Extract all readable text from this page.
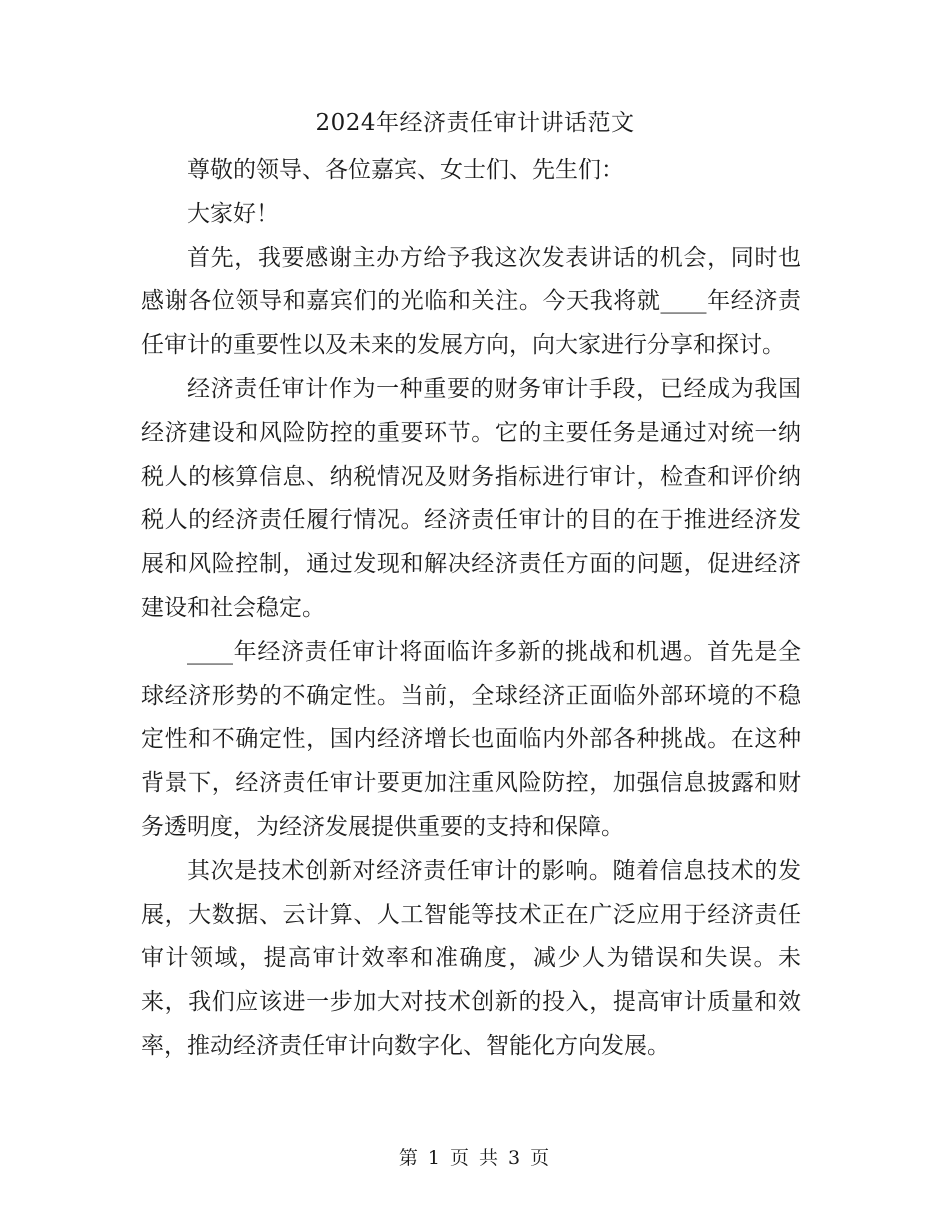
2024年经济责任审计讲话范文

尊敬的领导、各位嘉宾、女士们、先生们：

大家好！

首先，我要感谢主办方给予我这次发表讲话的机会，同时也感谢各位领导和嘉宾们的光临和关注。今天我将就____年经济责任审计的重要性以及未来的发展方向，向大家进行分享和探讨。

经济责任审计作为一种重要的财务审计手段，已经成为我国经济建设和风险防控的重要环节。它的主要任务是通过对统一纳税人的核算信息、纳税情况及财务指标进行审计，检查和评价纳税人的经济责任履行情况。经济责任审计的目的在于推进经济发展和风险控制，通过发现和解决经济责任方面的问题，促进经济建设和社会稳定。

____年经济责任审计将面临许多新的挑战和机遇。首先是全球经济形势的不确定性。当前，全球经济正面临外部环境的不稳定性和不确定性，国内经济增长也面临内外部各种挑战。在这种背景下，经济责任审计要更加注重风险防控，加强信息披露和财务透明度，为经济发展提供重要的支持和保障。

其次是技术创新对经济责任审计的影响。随着信息技术的发展，大数据、云计算、人工智能等技术正在广泛应用于经济责任审计领域，提高审计效率和准确度，减少人为错误和失误。未来，我们应该进一步加大对技术创新的投入，提高审计质量和效率，推动经济责任审计向数字化、智能化方向发展。

第 1 页 共 3 页
